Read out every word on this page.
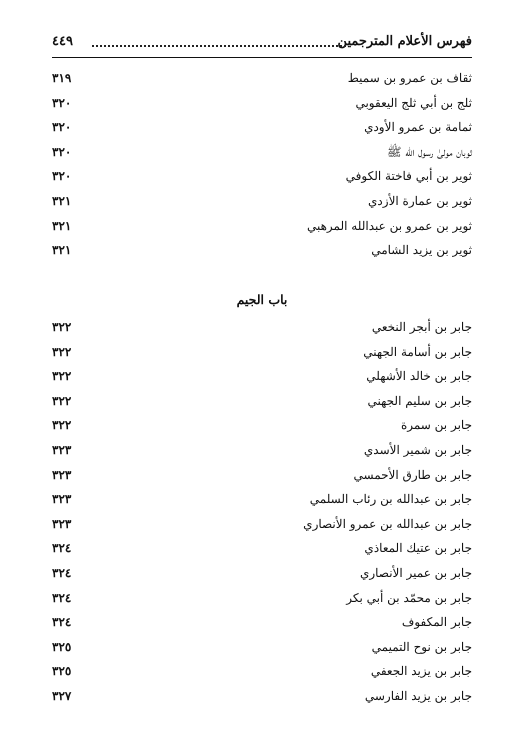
فهرس الأعلام المترجمين
٤٤٩
ثقاف بن عمرو بن سميط
٣١٩
ثلج بن أبي ثلج اليعقوبي
٣٢٠
ثمامة بن عمرو الأودي
٣٢٠
ثوبان مولىٰ رسول الله ﷺ
٣٢٠
ثوير بن أبي فاختة الكوفي
٣٢٠
ثوير بن عمارة الأزدي
٣٢١
ثوير بن عمرو بن عبدالله المرهبي
٣٢١
ثوير بن يزيد الشامي
٣٢١
باب الجيم
جابر بن أبجر النخعي
٣٢٢
جابر بن أسامة الجهني
٣٢٢
جابر بن خالد الأشهلي
٣٢٢
جابر بن سليم الجهني
٣٢٢
جابر بن سمرة
٣٢٢
جابر بن شمير الأسدي
٣٢٣
جابر بن طارق الأحمسي
٣٢٣
جابر بن عبدالله بن رئاب السلمي
٣٢٣
جابر بن عبدالله بن عمرو الأنصاري
٣٢٣
جابر بن عتيك المعاذي
٣٢٤
جابر بن عمير الأنصاري
٣٢٤
جابر بن محمّد بن أبي بكر
٣٢٤
جابر المكفوف
٣٢٤
جابر بن نوح التميمي
٣٢٥
جابر بن يزيد الجعفي
٣٢٥
جابر بن يزيد الفارسي
٣٢٧
